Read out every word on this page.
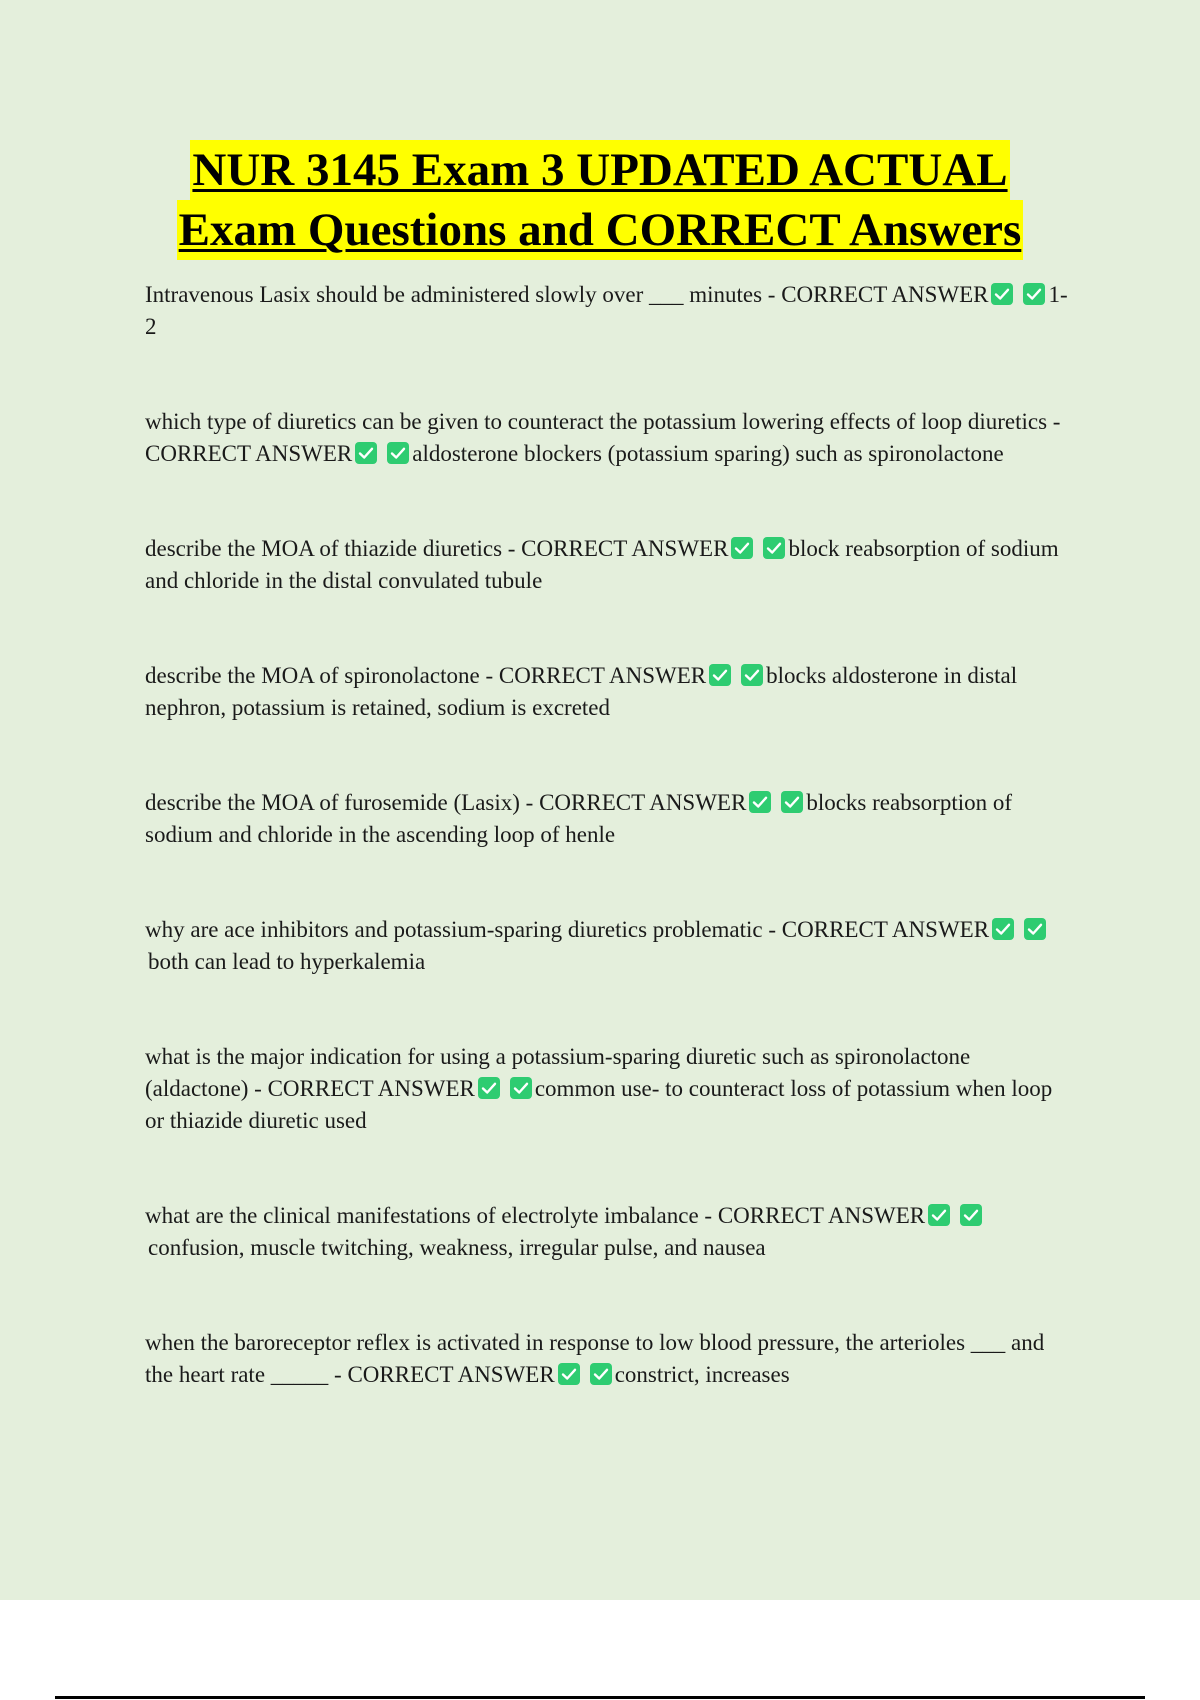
NUR 3145 Exam 3 UPDATED ACTUAL
Exam Questions and CORRECT Answers
Intravenous Lasix should be administered slowly over ___ minutes - CORRECT ANSWER	1-2
which type of diuretics can be given to counteract the potassium lowering effects of loop diuretics - CORRECT ANSWER	aldosterone blockers (potassium sparing) such as spironolactone
describe the MOA of thiazide diuretics - CORRECT ANSWER	block reabsorption of sodium and chloride in the distal convulated tubule
describe the MOA of spironolactone - CORRECT ANSWER	blocks aldosterone in distal nephron, potassium is retained, sodium is excreted
describe the MOA of furosemide (Lasix) - CORRECT ANSWER	blocks reabsorption of sodium and chloride in the ascending loop of henle
why are ace inhibitors and potassium-sparing diuretics problematic - CORRECT ANSWER
both can lead to hyperkalemia
what is the major indication for using a potassium-sparing diuretic such as spironolactone (aldactone) - CORRECT ANSWER	common use- to counteract loss of potassium when loop or thiazide diuretic used
what are the clinical manifestations of electrolyte imbalance - CORRECT ANSWER
confusion, muscle twitching, weakness, irregular pulse, and nausea
when the baroreceptor reflex is activated in response to low blood pressure, the arterioles ___ and the heart rate _____ - CORRECT ANSWER	constrict, increases
